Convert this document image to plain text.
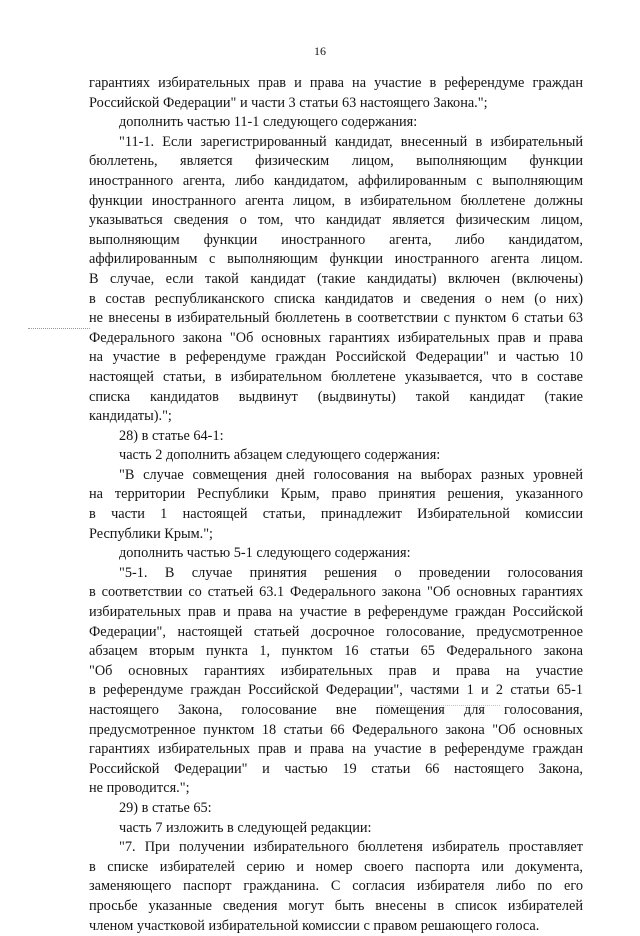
16
гарантиях избирательных прав и права на участие в референдуме граждан
Российской Федерации" и части 3 статьи 63 настоящего Закона.";
дополнить частью 11-1 следующего содержания:
"11-1. Если зарегистрированный кандидат, внесенный в избирательный
бюллетень, является физическим лицом, выполняющим функции
иностранного агента, либо кандидатом, аффилированным с выполняющим
функции иностранного агента лицом, в избирательном бюллетене должны
указываться сведения о том, что кандидат является физическим лицом,
выполняющим функции иностранного агента, либо кандидатом,
аффилированным с выполняющим функции иностранного агента лицом.
В случае, если такой кандидат (такие кандидаты) включен (включены)
в состав республиканского списка кандидатов и сведения о нем (о них)
не внесены в избирательный бюллетень в соответствии с пунктом 6 статьи 63
Федерального закона "Об основных гарантиях избирательных прав и права
на участие в референдуме граждан Российской Федерации" и частью 10
настоящей статьи, в избирательном бюллетене указывается, что в составе
списка кандидатов выдвинут (выдвинуты) такой кандидат (такие
кандидаты).";
28) в статье 64-1:
часть 2 дополнить абзацем следующего содержания:
"В случае совмещения дней голосования на выборах разных уровней
на территории Республики Крым, право принятия решения, указанного
в части 1 настоящей статьи, принадлежит Избирательной комиссии
Республики Крым.";
дополнить частью 5-1 следующего содержания:
"5-1. В случае принятия решения о проведении голосования
в соответствии со статьей 63.1 Федерального закона "Об основных гарантиях
избирательных прав и права на участие в референдуме граждан Российской
Федерации", настоящей статьей досрочное голосование, предусмотренное
абзацем вторым пункта 1, пунктом 16 статьи 65 Федерального закона
"Об основных гарантиях избирательных прав и права на участие
в референдуме граждан Российской Федерации", частями 1 и 2 статьи 65-1
настоящего Закона, голосование вне помещения для голосования,
предусмотренное пунктом 18 статьи 66 Федерального закона "Об основных
гарантиях избирательных прав и права на участие в референдуме граждан
Российской Федерации" и частью 19 статьи 66 настоящего Закона,
не проводится.";
29) в статье 65:
часть 7 изложить в следующей редакции:
"7. При получении избирательного бюллетеня избиратель проставляет
в списке избирателей серию и номер своего паспорта или документа,
заменяющего паспорт гражданина. С согласия избирателя либо по его
просьбе указанные сведения могут быть внесены в список избирателей
членом участковой избирательной комиссии с правом решающего голоса.
